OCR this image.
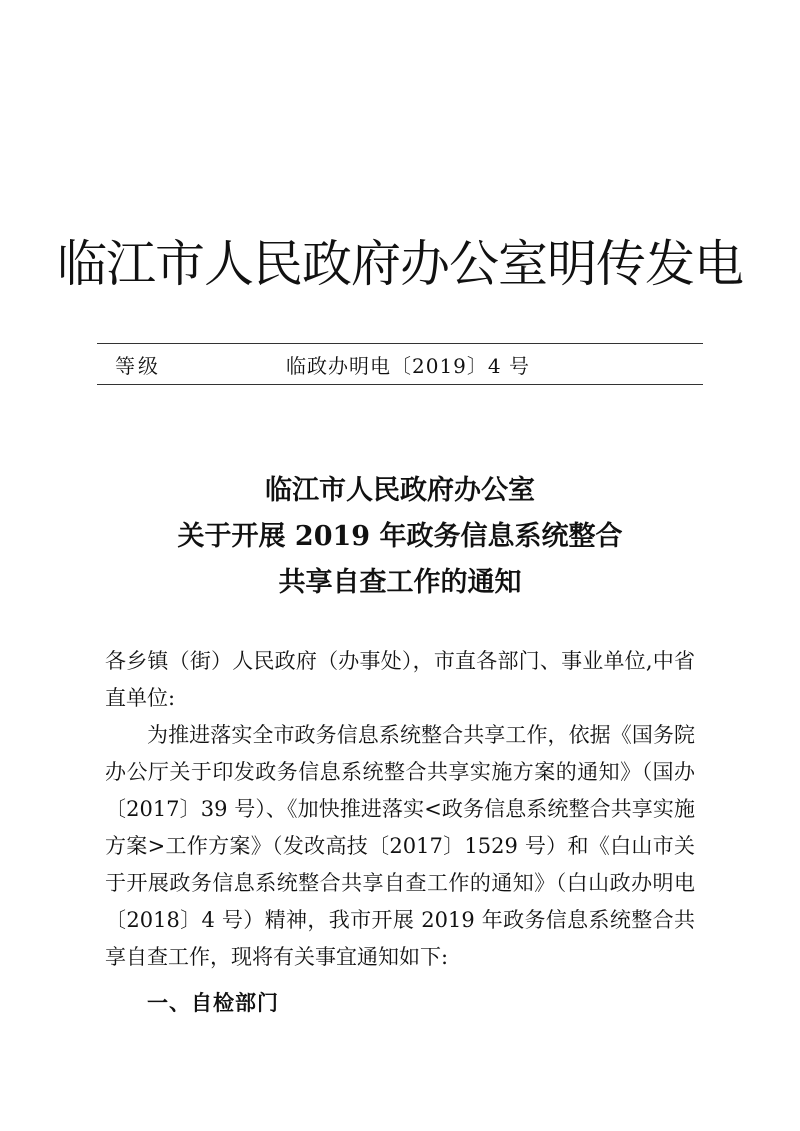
临江市人民政府办公室明传发电
等级	临政办明电〔2019〕4 号
临江市人民政府办公室
关于开展 2019 年政务信息系统整合
共享自查工作的通知

各乡镇（街）人民政府（办事处），市直各部门、事业单位,中省直单位:

为推进落实全市政务信息系统整合共享工作，依据《国务院办公厅关于印发政务信息系统整合共享实施方案的通知》（国办〔2017〕39 号）、《加快推进落实<政务信息系统整合共享实施方案>工作方案》（发改高技〔2017〕1529 号）和《白山市关于开展政务信息系统整合共享自查工作的通知》（白山政办明电〔2018〕4 号）精神，我市开展 2019 年政务信息系统整合共享自查工作，现将有关事宜通知如下:

一、自检部门
